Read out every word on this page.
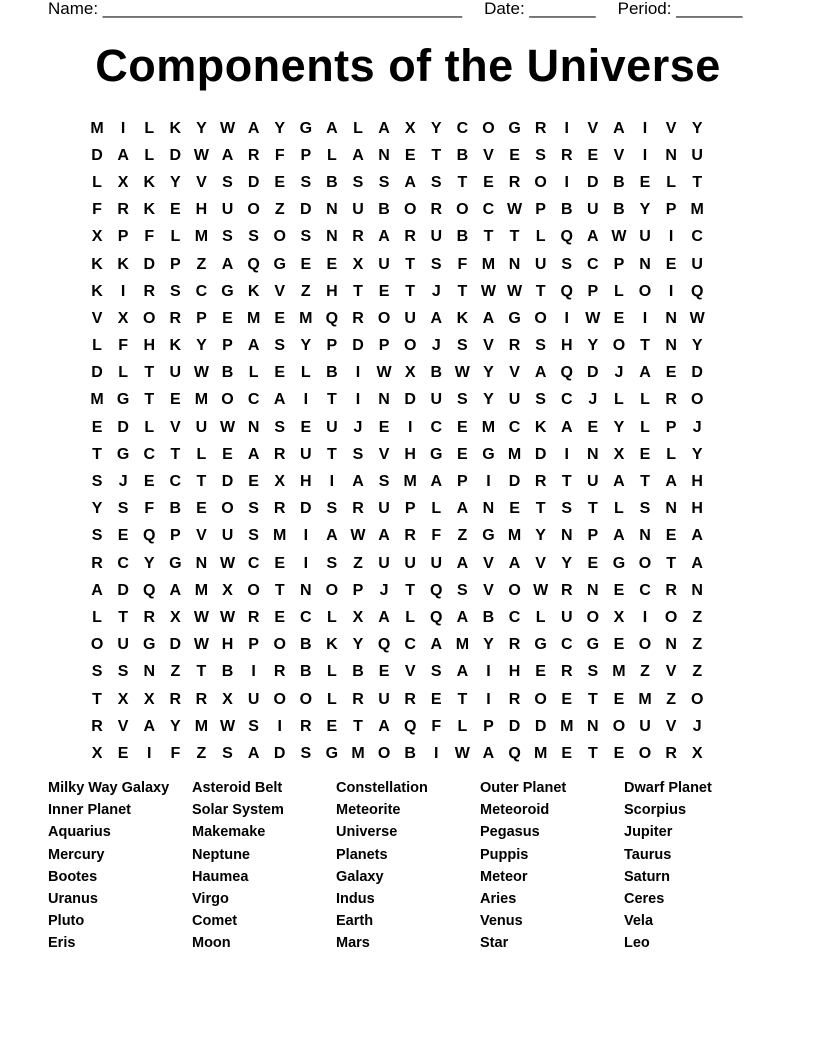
Name: ______________________________________ Date: _______ Period: _______
Components of the Universe
M	I	L K Y W A Y G A L A X Y C O G R	I	V A	I	V Y
D A L D W A R F P L A N E T B V E S R E V	I	N U
L X K Y V S D E S B S S A S T E R O	I	D B E L	T
F R K E H U O Z D N U B O R O C W P B U B Y P M
X P F	L M S S O S N R A R U B T	T	L Q A W U	I	C
K K D P Z A Q G E E X U T S F M N U S C P N E U
K	I	R S C G K V Z H T E T	J	T W W T Q P L O	I	Q
V X O R P E M E M Q R O U A K A G O	I	W E	I	N W
L	F H K Y P A S Y P D P O J	S V R S H Y O T N Y
D L	T U W B L E L B	I	W X B W Y V A Q D J A E D
M G T E M O C A	I	T	I	N D U S Y U S C J	L	L R O
E D L V U W N S E U J	E	I	C E M C K A E Y L P	J
T G C T	L E A R U T S V H G E G M D	I	N X E L Y
S	J	E C T D E X H	I	A S M A P	I	D R T U A T A H
Y S F B E O S R D S R U P L A N E T S T	L S N H
S E Q P V U S M	I	A W A R F	Z G M Y N P A N E A
R C Y G N W C E	I	S Z U U U A V A V Y E G O T A
A D Q A M X O T N O P	J	T Q S V O W R N E C R N
L	T R X W W R E C L X A L Q A B C L U O X	I	O Z
O U G D W H P O B K Y Q C A M Y R G C G E O N Z
S S N Z	T B	I	R B L B E V S A	I	H E R S M Z V Z
T X X R R X U O O L R U R E T	I	R O E T E M Z O
R V A Y M W S	I	R E T A Q F	L P D D M N O U V	J
X E	I	F	Z S A D S G M O B	I	W A Q M E T E O R X
Milky Way Galaxy
Inner Planet
Aquarius
Mercury
Bootes
Uranus
Pluto
Eris
Asteroid Belt
Solar System
Makemake
Neptune
Haumea
Virgo
Comet
Moon
Constellation
Meteorite
Universe
Planets
Galaxy
Indus
Earth
Mars
Outer Planet
Meteoroid
Pegasus
Puppis
Meteor
Aries
Venus
Star
Dwarf Planet
Scorpius
Jupiter
Taurus
Saturn
Ceres
Vela
Leo
